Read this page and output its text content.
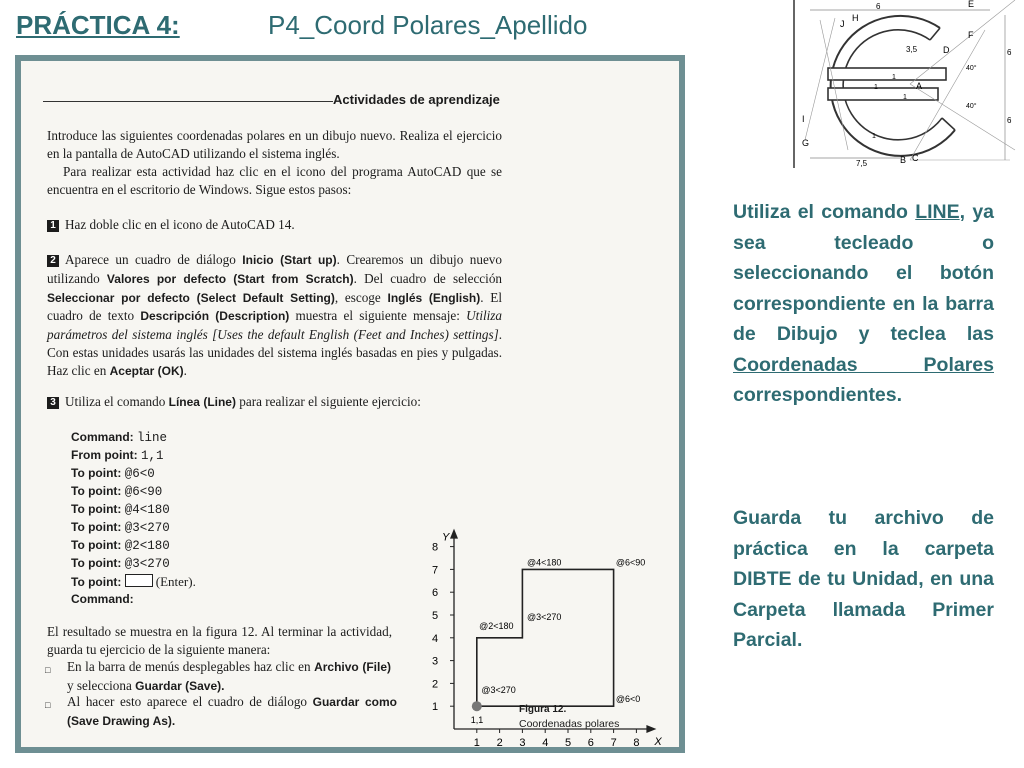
PRÁCTICA 4:	P4_Coord Polares_Apellido
Actividades de aprendizaje
Introduce las siguientes coordenadas polares en un dibujo nuevo. Realiza el ejercicio en la pantalla de AutoCAD utilizando el sistema inglés.
Para realizar esta actividad haz clic en el icono del programa AutoCAD que se encuentra en el escritorio de Windows. Sigue estos pasos:
1 Haz doble clic en el icono de AutoCAD 14.
2 Aparece un cuadro de diálogo Inicio (Start up). Crearemos un dibujo nuevo utilizando Valores por defecto (Start from Scratch). Del cuadro de selección Seleccionar por defecto (Select Default Setting), escoge Inglés (English). El cuadro de texto Descripción (Description) muestra el siguiente mensaje: Utiliza parámetros del sistema inglés [Uses the default English (Feet and Inches) settings]. Con estas unidades usarás las unidades del sistema inglés basadas en pies y pulgadas. Haz clic en Aceptar (OK).
3 Utiliza el comando Línea (Line) para realizar el siguiente ejercicio:
Command: line
From point: 1,1
To point: @6<0
To point: @6<90
To point: @4<180
To point: @3<270
To point: @2<180
To point: @3<270
To point:	(Enter).
Command:
El resultado se muestra en la figura 12. Al terminar la actividad, guarda tu ejercicio de la siguiente manera:
□ En la barra de menús desplegables haz clic en Archivo (File) y selecciona Guardar (Save).
□ Al hacer esto aparece el cuadro de diálogo Guardar como (Save Drawing As).
Y
X
1 2 3 4 5 6 7 8
1
2
3
4
5
6
7
8
1,1
@6<0
@6<90
@4<180
@3<270
@2<180
@3<270
Figura 12.
Coordenadas polares
H
J
E
F
D
A
I
G
B C
6
3,5
1
1
1
1
6
6
7,5
40°
40°
Utiliza el comando LINE, ya sea tecleado o seleccionando el botón correspondiente en la barra de Dibujo y teclea las Coordenadas Polares correspondientes.
Guarda tu archivo de práctica en la carpeta DIBTE de tu Unidad, en una Carpeta llamada Primer Parcial.
